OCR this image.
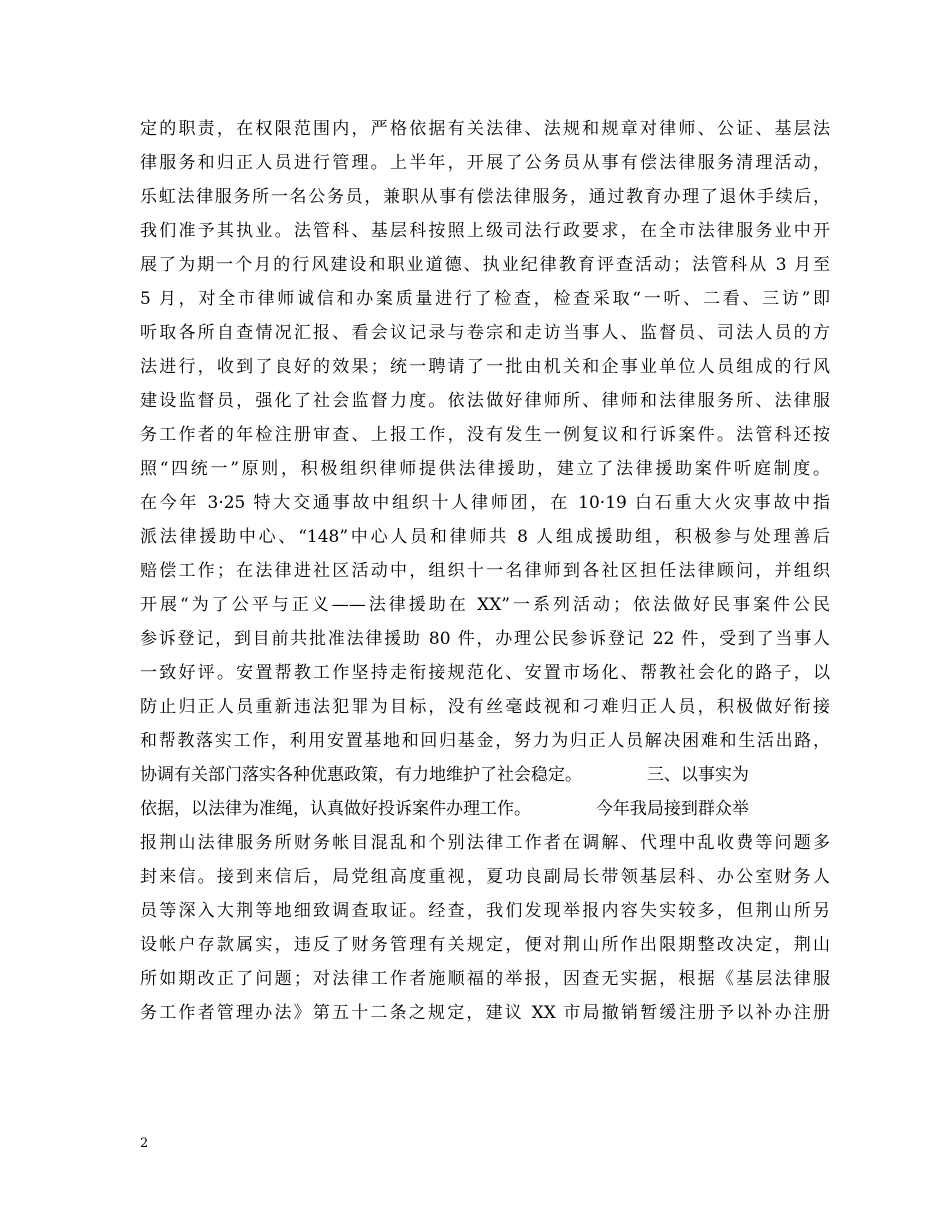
定的职责，在权限范围内，严格依据有关法律、法规和规章对律师、公证、基层法
律服务和归正人员进行管理。上半年，开展了公务员从事有偿法律服务清理活动，
乐虹法律服务所一名公务员，兼职从事有偿法律服务，通过教育办理了退休手续后，
我们准予其执业。法管科、基层科按照上级司法行政要求，在全市法律服务业中开
展了为期一个月的行风建设和职业道德、执业纪律教育评查活动；法管科从 3 月至
5 月，对全市律师诚信和办案质量进行了检查，检查采取“一听、二看、三访”即
听取各所自查情况汇报、看会议记录与卷宗和走访当事人、监督员、司法人员的方
法进行，收到了良好的效果；统一聘请了一批由机关和企事业单位人员组成的行风
建设监督员，强化了社会监督力度。依法做好律师所、律师和法律服务所、法律服
务工作者的年检注册审查、上报工作，没有发生一例复议和行诉案件。法管科还按
照“四统一”原则，积极组织律师提供法律援助，建立了法律援助案件听庭制度。
在今年 3·25 特大交通事故中组织十人律师团，在 10·19 白石重大火灾事故中指
派法律援助中心、“148”中心人员和律师共 8 人组成援助组，积极参与处理善后
赔偿工作；在法律进社区活动中，组织十一名律师到各社区担任法律顾问，并组织
开展“为了公平与正义——法律援助在 XX”一系列活动；依法做好民事案件公民
参诉登记，到目前共批准法律援助 80 件，办理公民参诉登记 22 件，受到了当事人
一致好评。安置帮教工作坚持走衔接规范化、安置市场化、帮教社会化的路子，以
防止归正人员重新违法犯罪为目标，没有丝毫歧视和刁难归正人员，积极做好衔接
和帮教落实工作，利用安置基地和回归基金，努力为归正人员解决困难和生活出路，
协调有关部门落实各种优惠政策，有力地维护了社会稳定。            三、以事实为
依据，以法律为准绳，认真做好投诉案件办理工作。            今年我局接到群众举
报荆山法律服务所财务帐目混乱和个别法律工作者在调解、代理中乱收费等问题多
封来信。接到来信后，局党组高度重视，夏功良副局长带领基层科、办公室财务人
员等深入大荆等地细致调查取证。经查，我们发现举报内容失实较多，但荆山所另
设帐户存款属实，违反了财务管理有关规定，便对荆山所作出限期整改决定，荆山
所如期改正了问题；对法律工作者施顺福的举报，因查无实据，根据《基层法律服
务工作者管理办法》第五十二条之规定，建议 XX 市局撤销暂缓注册予以补办注册
2
